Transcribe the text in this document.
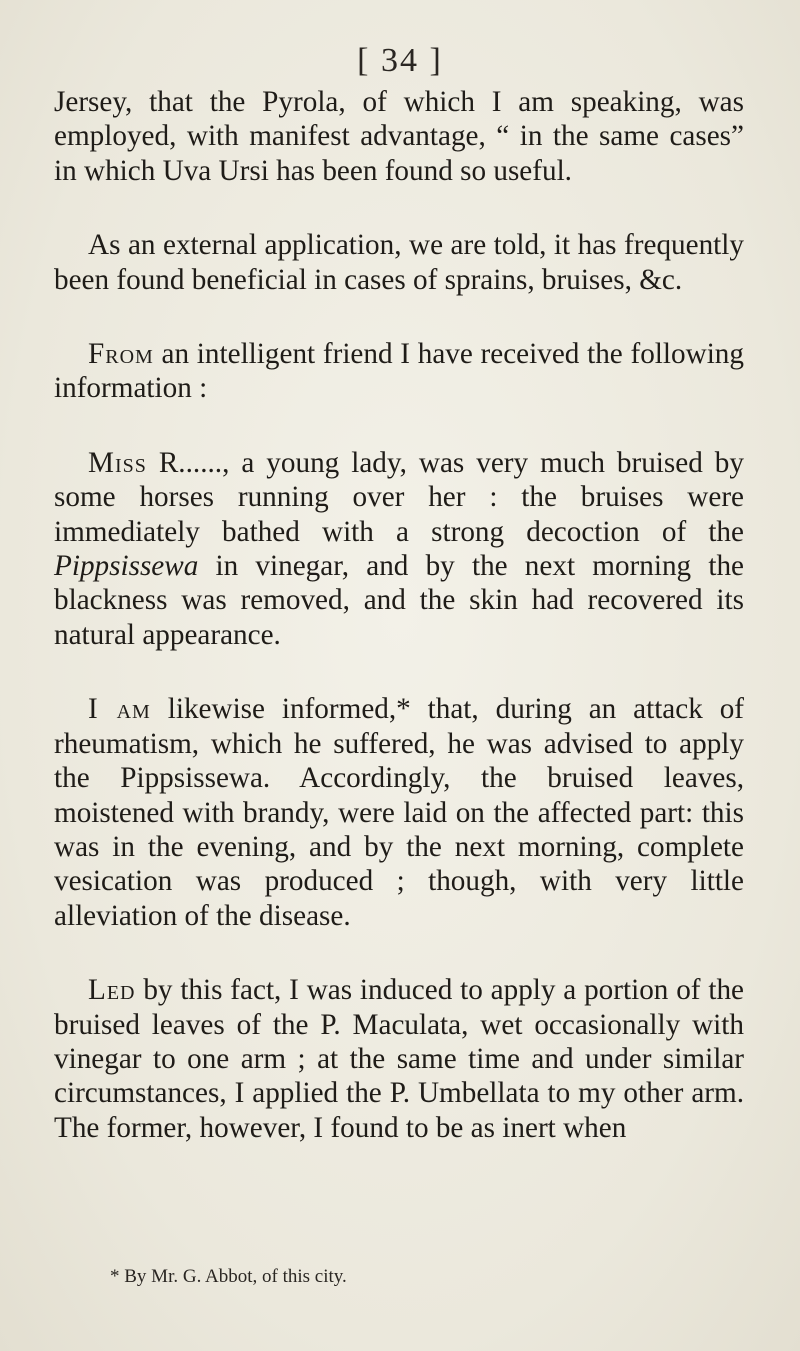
[ 34 ]

Jersey, that the Pyrola, of which I am speaking, was employed, with manifest advantage, “ in the same cases” in which Uva Ursi has been found so useful.

As an external application, we are told, it has frequently been found beneficial in cases of sprains, bruises, &c.

From an intelligent friend I have received the following information :

Miss R......, a young lady, was very much bruised by some horses running over her : the bruises were immediately bathed with a strong decoction of the Pippsissewa in vinegar, and by the next morning the blackness was removed, and the skin had recovered its natural appearance.

I am likewise informed,* that, during an attack of rheumatism, which he suffered, he was advised to apply the Pippsissewa. Accordingly, the bruised leaves, moistened with brandy, were laid on the affected part: this was in the evening, and by the next morning, complete vesication was produced ; though, with very little alleviation of the disease.

Led by this fact, I was induced to apply a portion of the bruised leaves of the P. Maculata, wet occasionally with vinegar to one arm ; at the same time and under similar circumstances, I applied the P. Umbellata to my other arm. The former, however, I found to be as inert when

* By Mr. G. Abbot, of this city.
